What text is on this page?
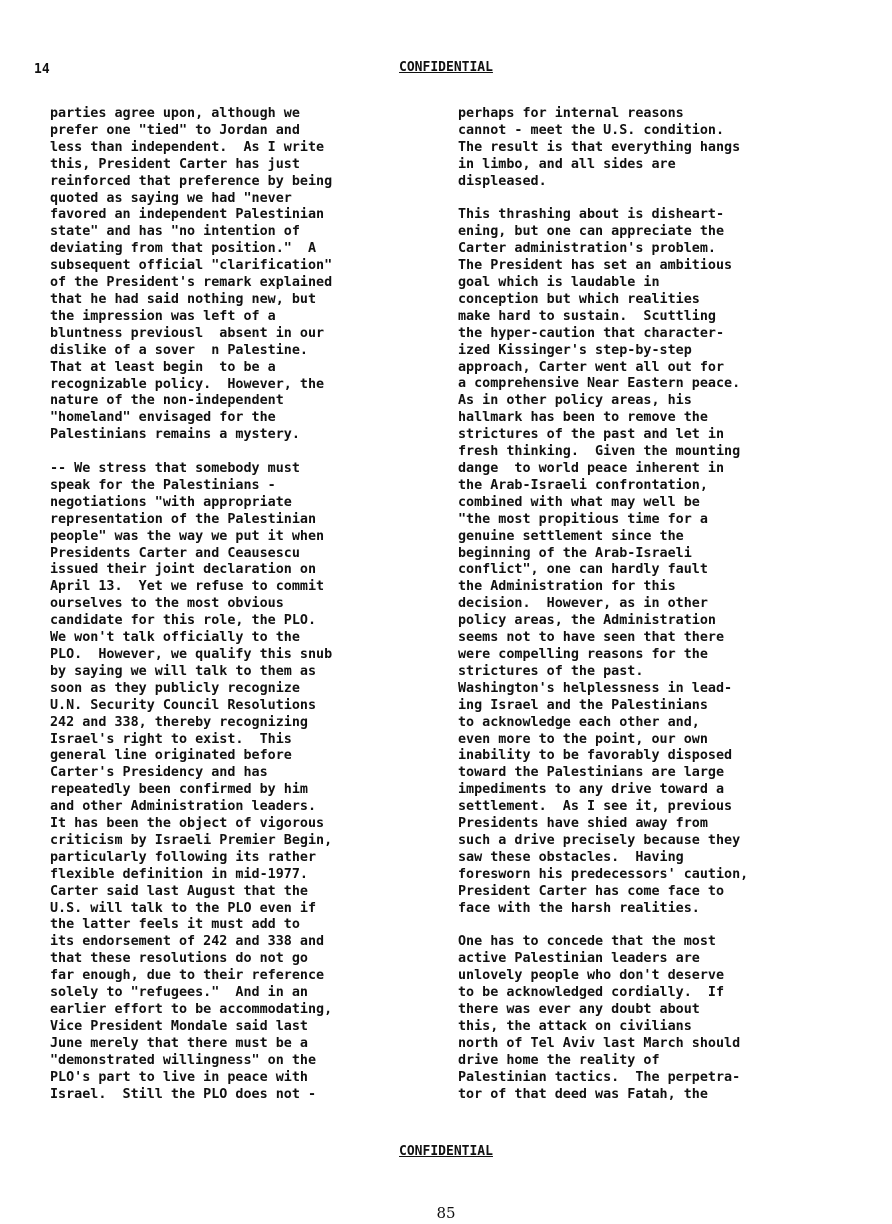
14	CONFIDENTIAL
parties agree upon, although we
prefer one "tied" to Jordan and
less than independent.  As I write
this, President Carter has just
reinforced that preference by being
quoted as saying we had "never
favored an independent Palestinian
state" and has "no intention of
deviating from that position."  A
subsequent official "clarification"
of the President's remark explained
that he had said nothing new, but
the impression was left of a
bluntness previousl  absent in our
dislike of a sover  n Palestine.
That at least begin  to be a
recognizable policy.  However, the
nature of the non-independent
"homeland" envisaged for the
Palestinians remains a mystery.
-- We stress that somebody must
speak for the Palestinians -
negotiations "with appropriate
representation of the Palestinian
people" was the way we put it when
Presidents Carter and Ceausescu
issued their joint declaration on
April 13.  Yet we refuse to commit
ourselves to the most obvious
candidate for this role, the PLO.
We won't talk officially to the
PLO.  However, we qualify this snub
by saying we will talk to them as
soon as they publicly recognize
U.N. Security Council Resolutions
242 and 338, thereby recognizing
Israel's right to exist.  This
general line originated before
Carter's Presidency and has
repeatedly been confirmed by him
and other Administration leaders.
It has been the object of vigorous
criticism by Israeli Premier Begin,
particularly following its rather
flexible definition in mid-1977.
Carter said last August that the
U.S. will talk to the PLO even if
the latter feels it must add to
its endorsement of 242 and 338 and
that these resolutions do not go
far enough, due to their reference
solely to "refugees."  And in an
earlier effort to be accommodating,
Vice President Mondale said last
June merely that there must be a
"demonstrated willingness" on the
PLO's part to live in peace with
Israel.  Still the PLO does not -
perhaps for internal reasons
cannot - meet the U.S. condition.
The result is that everything hangs
in limbo, and all sides are
displeased.
This thrashing about is disheart-
ening, but one can appreciate the
Carter administration's problem.
The President has set an ambitious
goal which is laudable in
conception but which realities
make hard to sustain.  Scuttling
the hyper-caution that character-
ized Kissinger's step-by-step
approach, Carter went all out for
a comprehensive Near Eastern peace.
As in other policy areas, his
hallmark has been to remove the
strictures of the past and let in
fresh thinking.  Given the mounting
dange  to world peace inherent in
the Arab-Israeli confrontation,
combined with what may well be
"the most propitious time for a
genuine settlement since the
beginning of the Arab-Israeli
conflict", one can hardly fault
the Administration for this
decision.  However, as in other
policy areas, the Administration
seems not to have seen that there
were compelling reasons for the
strictures of the past.
Washington's helplessness in lead-
ing Israel and the Palestinians
to acknowledge each other and,
even more to the point, our own
inability to be favorably disposed
toward the Palestinians are large
impediments to any drive toward a
settlement.  As I see it, previous
Presidents have shied away from
such a drive precisely because they
saw these obstacles.  Having
foresworn his predecessors' caution,
President Carter has come face to
face with the harsh realities.
One has to concede that the most
active Palestinian leaders are
unlovely people who don't deserve
to be acknowledged cordially.  If
there was ever any doubt about
this, the attack on civilians
north of Tel Aviv last March should
drive home the reality of
Palestinian tactics.  The perpetra-
tor of that deed was Fatah, the
CONFIDENTIAL
85
